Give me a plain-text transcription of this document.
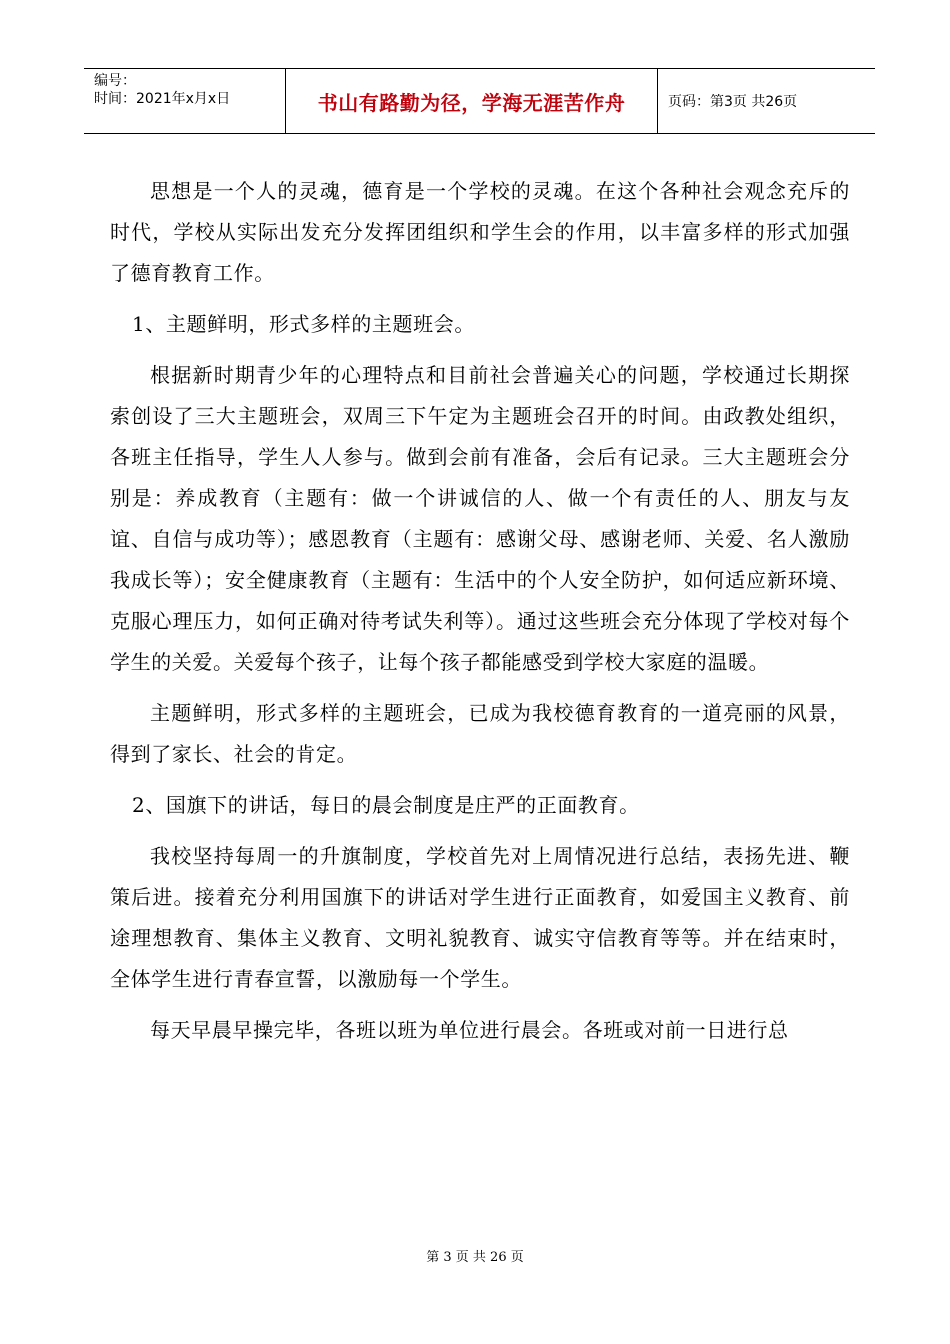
编号：
时间：2021年x月x日	书山有路勤为径，学海无涯苦作舟	页码：第3页 共26页

思想是一个人的灵魂，德育是一个学校的灵魂。在这个各种社会观念充斥的时代，学校从实际出发充分发挥团组织和学生会的作用，以丰富多样的形式加强了德育教育工作。

1、主题鲜明，形式多样的主题班会。

根据新时期青少年的心理特点和目前社会普遍关心的问题，学校通过长期探索创设了三大主题班会，双周三下午定为主题班会召开的时间。由政教处组织，各班主任指导，学生人人参与。做到会前有准备，会后有记录。三大主题班会分别是：养成教育（主题有：做一个讲诚信的人、做一个有责任的人、朋友与友谊、自信与成功等）；感恩教育（主题有：感谢父母、感谢老师、关爱、名人激励我成长等）；安全健康教育（主题有：生活中的个人安全防护，如何适应新环境、克服心理压力，如何正确对待考试失利等）。通过这些班会充分体现了学校对每个学生的关爱。关爱每个孩子，让每个孩子都能感受到学校大家庭的温暖。

主题鲜明，形式多样的主题班会，已成为我校德育教育的一道亮丽的风景，得到了家长、社会的肯定。

2、国旗下的讲话，每日的晨会制度是庄严的正面教育。

我校坚持每周一的升旗制度，学校首先对上周情况进行总结，表扬先进、鞭策后进。接着充分利用国旗下的讲话对学生进行正面教育，如爱国主义教育、前途理想教育、集体主义教育、文明礼貌教育、诚实守信教育等等。并在结束时，全体学生进行青春宣誓，以激励每一个学生。

每天早晨早操完毕，各班以班为单位进行晨会。各班或对前一日进行总

第 3 页 共 26 页
